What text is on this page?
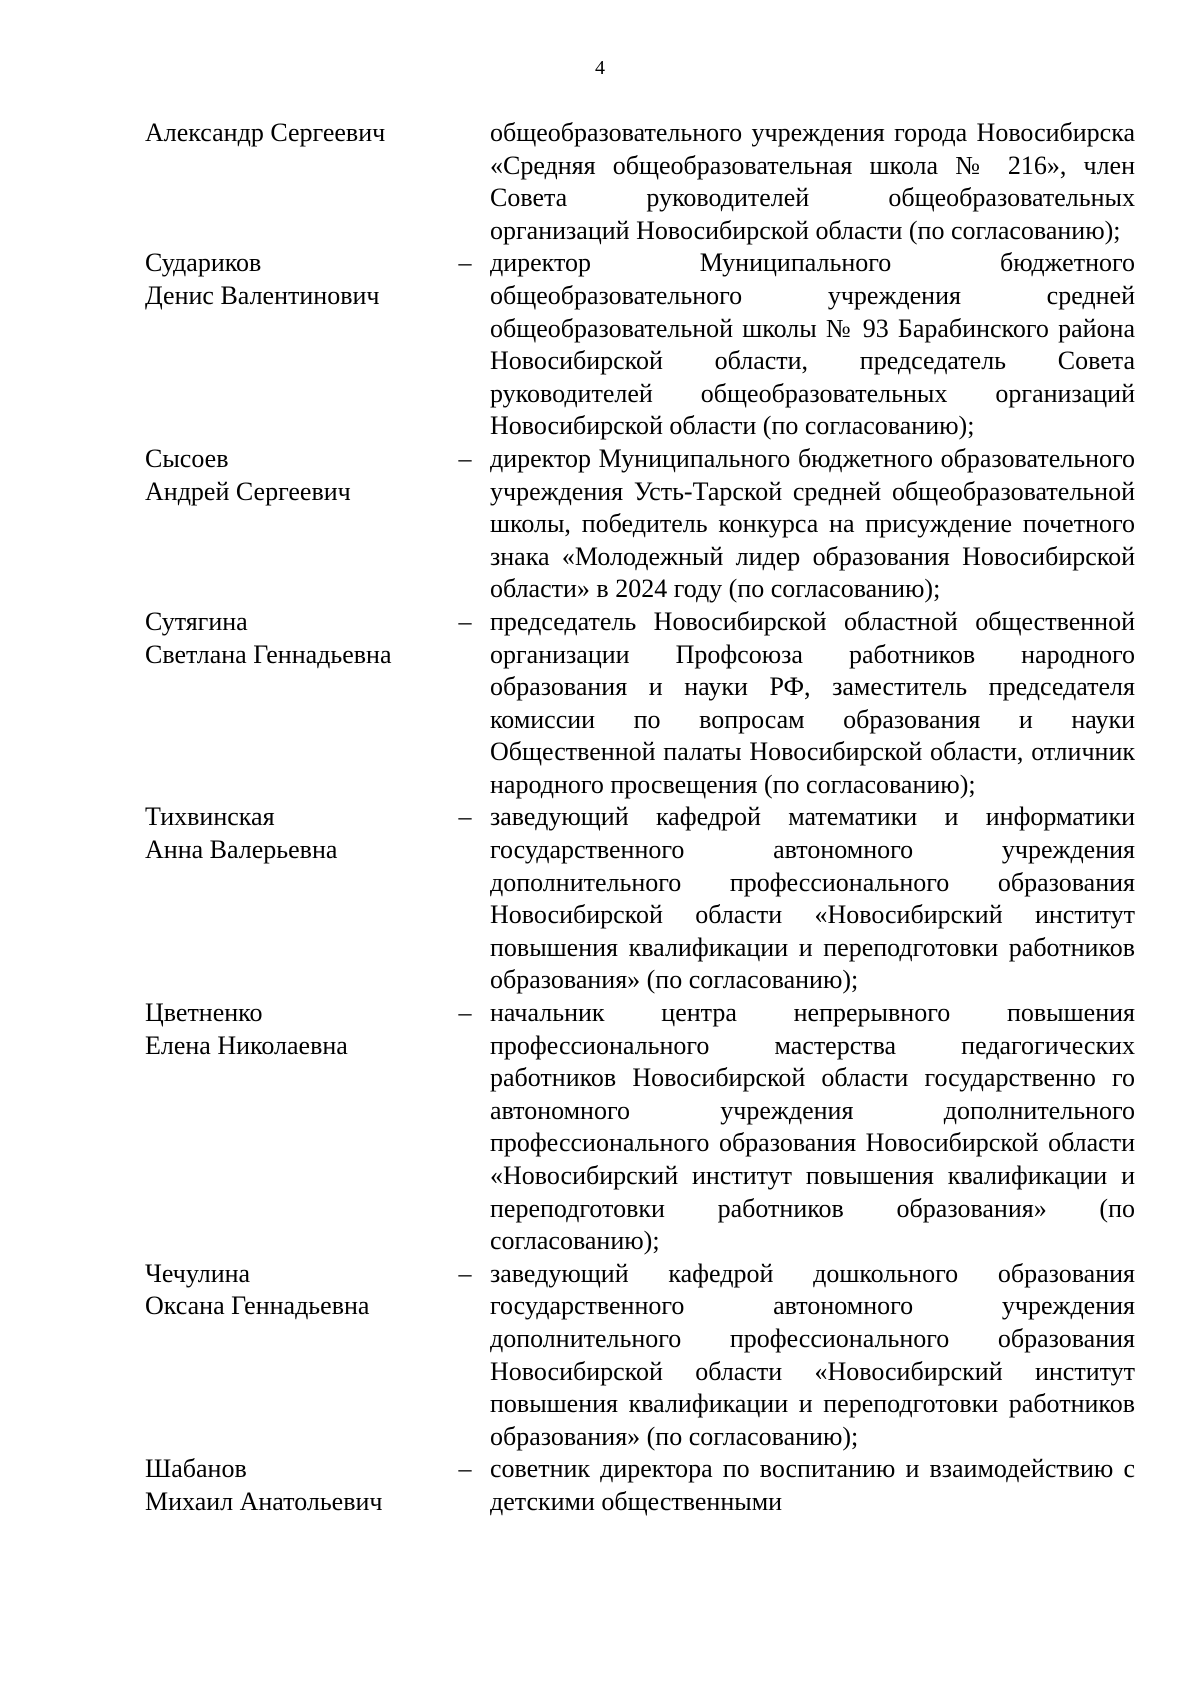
4
Александр Сергеевич	общеобразовательного учреждения города Новосибирска «Средняя общеобразовательная школа № 216», член Совета руководителей общеобразовательных организаций Новосибирской области (по согласованию);
Судариков
Денис Валентинович
– директор Муниципального бюджетного общеобразовательного учреждения средней общеобразовательной школы № 93 Барабинского района Новосибирской области, председатель Совета руководителей общеобразовательных организаций Новосибирской области (по согласованию);
Сысоев
Андрей Сергеевич
– директор Муниципального бюджетного образовательного учреждения Усть-Тарской средней общеобразовательной школы, победитель конкурса на присуждение почетного знака «Молодежный лидер образования Новосибирской области» в 2024 году (по согласованию);
Сутягина
Светлана Геннадьевна
– председатель Новосибирской областной общественной организации Профсоюза работников народного образования и науки РФ, заместитель председателя комиссии по вопросам образования и науки Общественной палаты Новосибирской области, отличник народного просвещения (по согласованию);
Тихвинская
Анна Валерьевна
– заведующий кафедрой математики и информатики государственного автономного учреждения дополнительного профессионального образования Новосибирской области «Новосибирский институт повышения квалификации и переподготовки работников образования» (по согласованию);
Цветненко
Елена Николаевна
– начальник центра непрерывного повышения профессионального мастерства педагогических работников Новосибирской области государственно го автономного учреждения дополнительного профессионального образования Новосибирской области «Новосибирский институт повышения квалификации и переподготовки работников образования» (по согласованию);
Чечулина
Оксана Геннадьевна
– заведующий кафедрой дошкольного образования государственного автономного учреждения дополнительного профессионального образования Новосибирской области «Новосибирский институт повышения квалификации и переподготовки работников образования» (по согласованию);
Шабанов
Михаил Анатольевич
– советник директора по воспитанию и взаимодействию с детскими общественными
